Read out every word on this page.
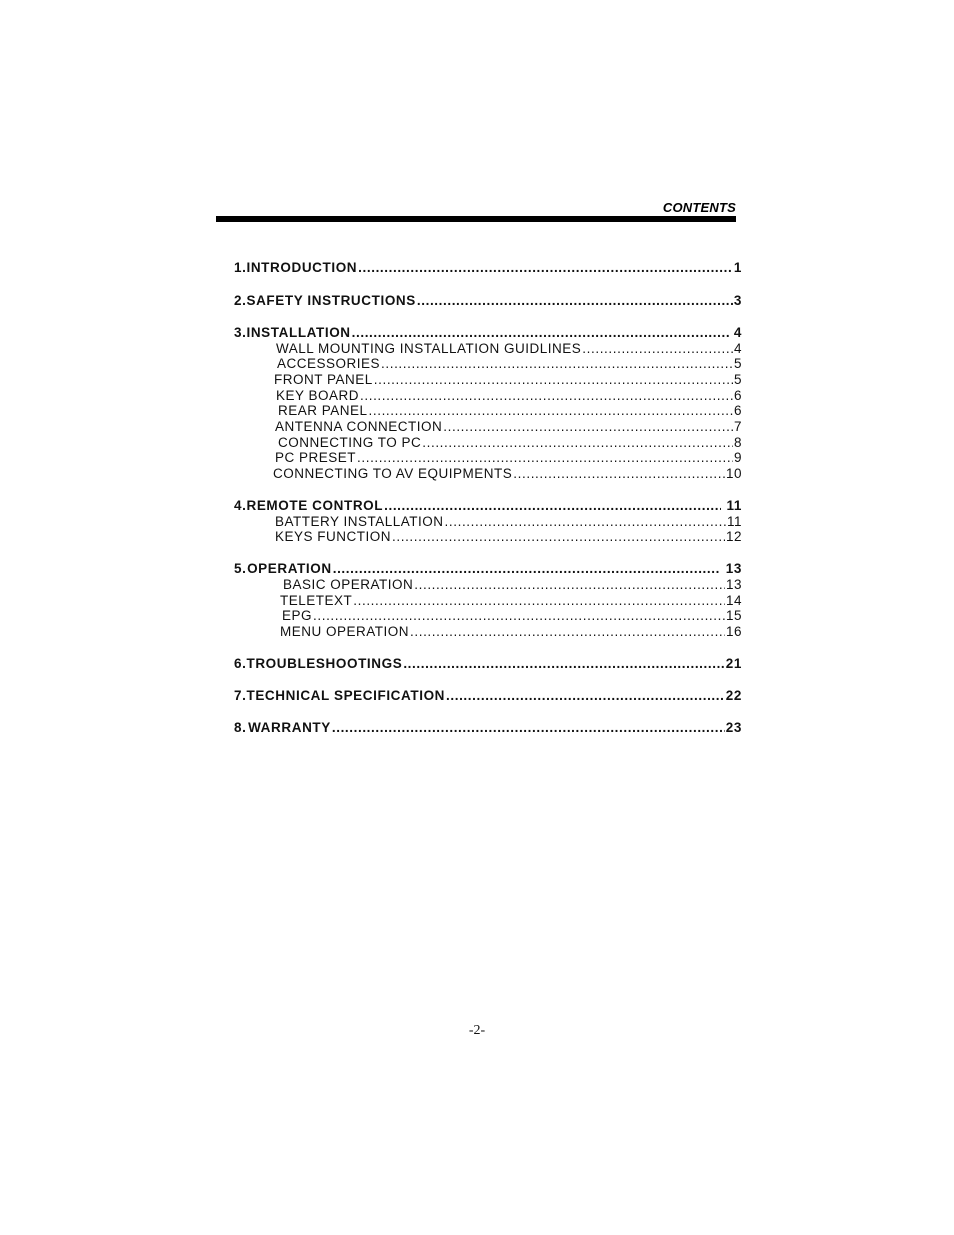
CONTENTS
1. INTRODUCTION .....	1
2. SAFETY INSTRUCTIONS .....	3
3. INSTALLATION .....	4
WALL MOUNTING INSTALLATION GUIDLINES .....	4
ACCESSORIES .....	5
FRONT PANEL .....	5
KEY BOARD .....	6
REAR PANEL .....	6
ANTENNA CONNECTION .....	7
CONNECTING TO PC .....	8
PC PRESET .....	9
CONNECTING TO AV EQUIPMENTS .....	10
4. REMOTE CONTROL .....	11
BATTERY INSTALLATION .....	11
KEYS FUNCTION .....	12
5. OPERATION .....	13
BASIC OPERATION .....	13
TELETEXT .....	14
EPG .....	15
MENU OPERATION .....	16
6. TROUBLESHOOTINGS .....	21
7. TECHNICAL SPECIFICATION .....	22
8. WARRANTY .....	23
-2-
